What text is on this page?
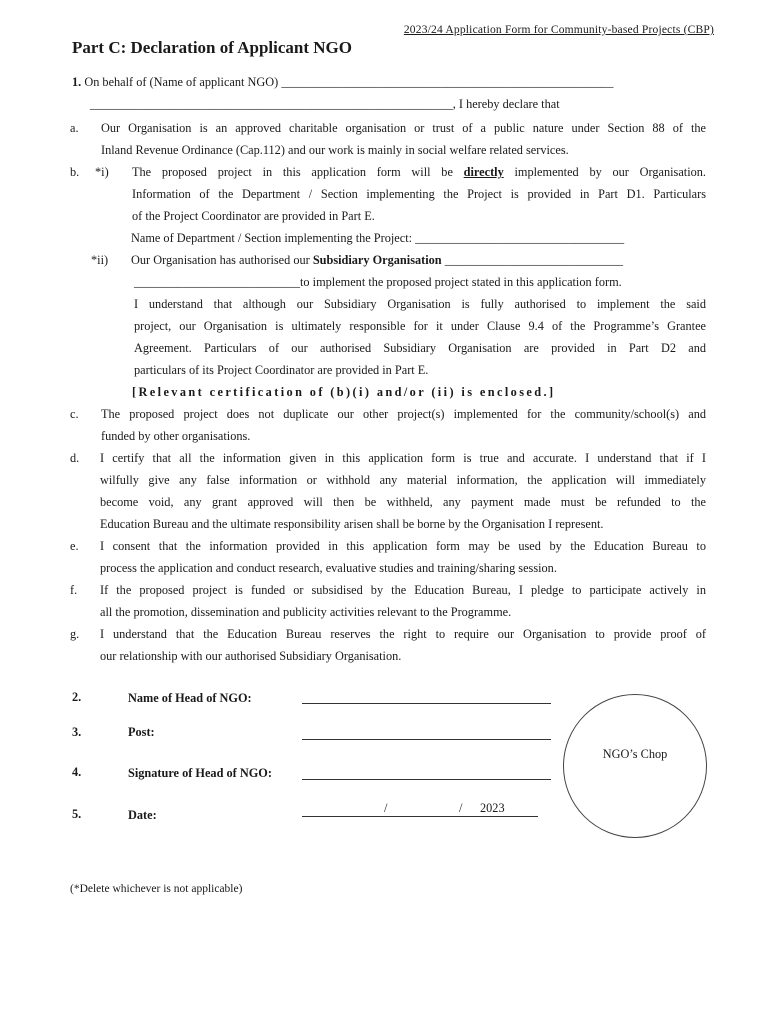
2023/24 Application Form for Community-based Projects (CBP)
Part C: Declaration of Applicant NGO
1. On behalf of (Name of applicant NGO) ______________________________________________________
___________________________________________________________, I hereby declare that
a. Our Organisation is an approved charitable organisation or trust of a public nature under Section 88 of the
Inland Revenue Ordinance (Cap.112) and our work is mainly in social welfare related services.
b. *i) The proposed project in this application form will be directly implemented by our Organisation.
Information of the Department / Section implementing the Project is provided in Part D1. Particulars
of the Project Coordinator are provided in Part E.
Name of Department / Section implementing the Project: __________________________________
*ii) Our Organisation has authorised our Subsidiary Organisation _____________________________
___________________________to implement the proposed project stated in this application form.
I understand that although our Subsidiary Organisation is fully authorised to implement the said
project, our Organisation is ultimately responsible for it under Clause 9.4 of the Programme’s Grantee
Agreement. Particulars of our authorised Subsidiary Organisation are provided in Part D2 and
particulars of its Project Coordinator are provided in Part E.
[Relevant certification of (b)(i) and/or (ii) is enclosed.]
c. The proposed project does not duplicate our other project(s) implemented for the community/school(s) and
funded by other organisations.
d. I certify that all the information given in this application form is true and accurate. I understand that if I
wilfully give any false information or withhold any material information, the application will immediately
become void, any grant approved will then be withheld, any payment made must be refunded to the
Education Bureau and the ultimate responsibility arisen shall be borne by the Organisation I represent.
e. I consent that the information provided in this application form may be used by the Education Bureau to
process the application and conduct research, evaluative studies and training/sharing session.
f. If the proposed project is funded or subsidised by the Education Bureau, I pledge to participate actively in
all the promotion, dissemination and publicity activities relevant to the Programme.
g. I understand that the Education Bureau reserves the right to require our Organisation to provide proof of
our relationship with our authorised Subsidiary Organisation.
2.	Name of Head of NGO:
3.	Post:
4.	Signature of Head of NGO:
5.	Date:	/	/ 2023
NGO’s Chop
(*Delete whichever is not applicable)
